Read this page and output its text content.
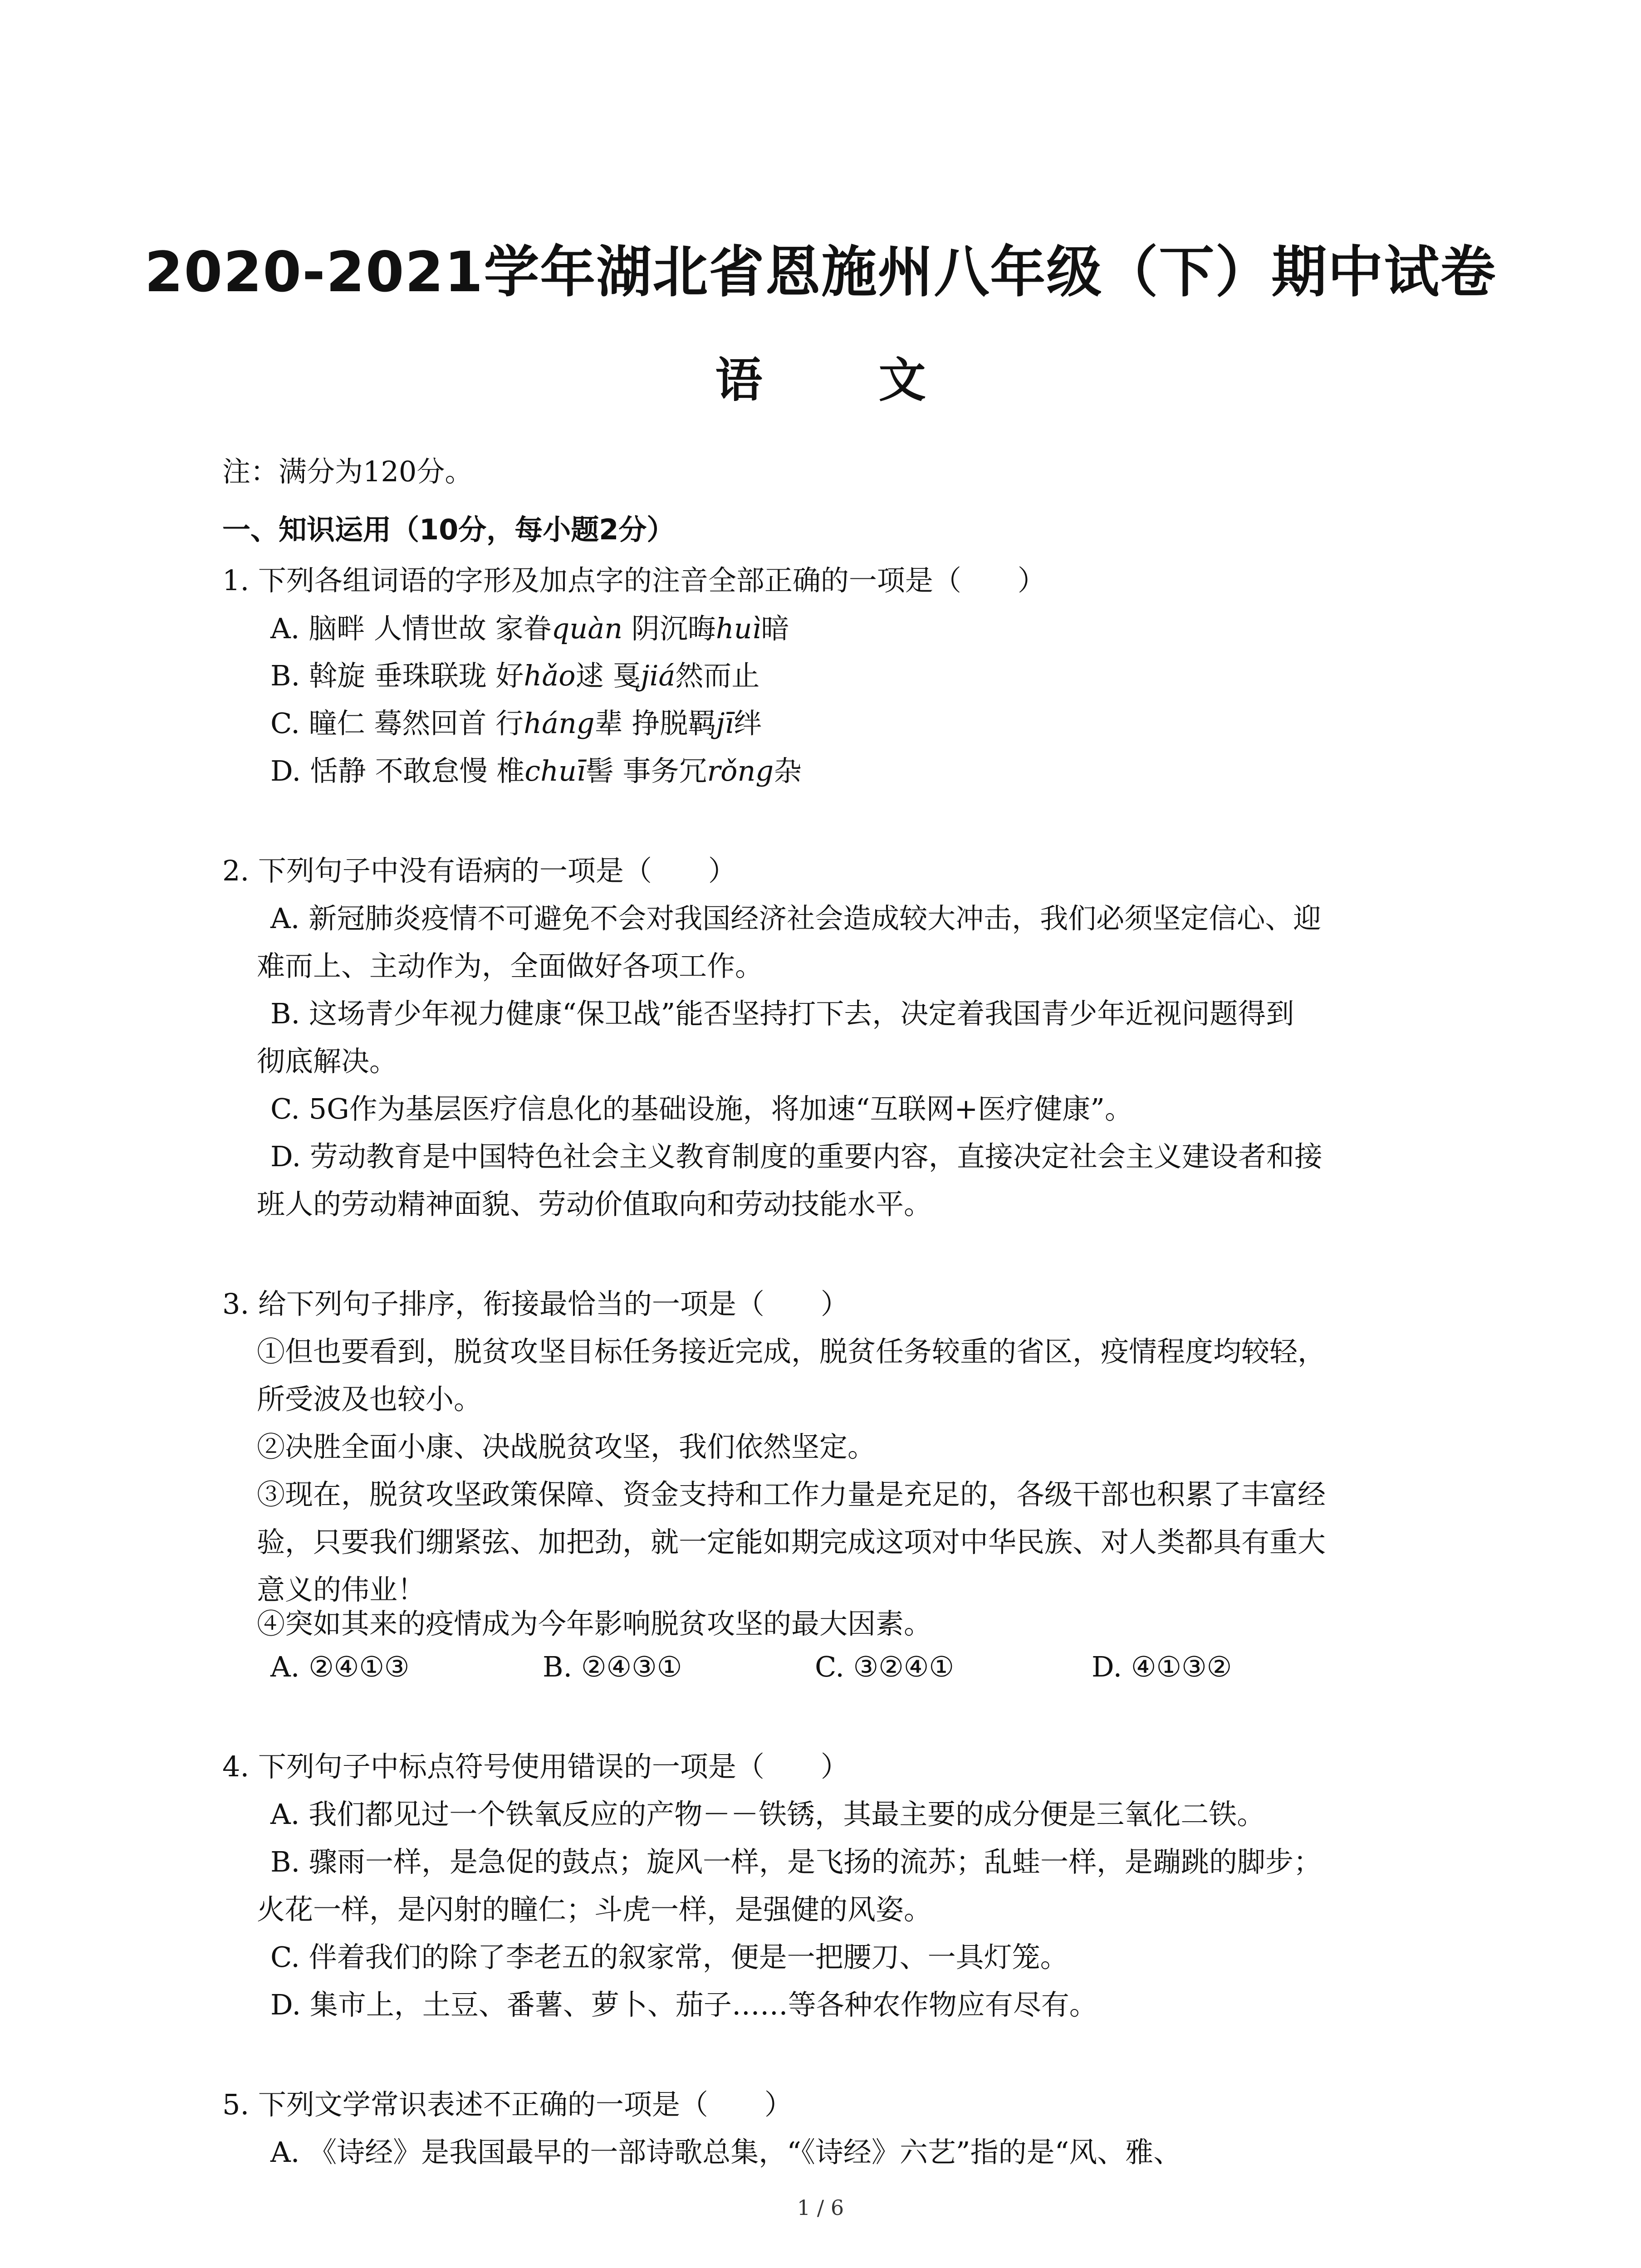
2020-2021学年湖北省恩施州八年级（下）期中试卷
语 文
注：满分为120分。
一、知识运用（10分，每小题2分）
1. 下列各组词语的字形及加点字的注音全部正确的一项是（　　）
A. 脑畔 人情世故 家眷quàn 阴沉晦huì暗
B. 斡旋 垂珠联珑 好hǎo逑 戛jiá然而止
C. 瞳仁 蓦然回首 行háng辈 挣脱羁jī绊
D. 恬静 不敢怠慢 椎chuī髻 事务冗rǒng杂
2. 下列句子中没有语病的一项是（　　）
A. 新冠肺炎疫情不可避免不会对我国经济社会造成较大冲击，我们必须坚定信心、迎
难而上、主动作为，全面做好各项工作。
B. 这场青少年视力健康“保卫战”能否坚持打下去，决定着我国青少年近视问题得到
彻底解决。
C. 5G作为基层医疗信息化的基础设施，将加速“互联网+医疗健康”。
D. 劳动教育是中国特色社会主义教育制度的重要内容，直接决定社会主义建设者和接
班人的劳动精神面貌、劳动价值取向和劳动技能水平。
3. 给下列句子排序，衔接最恰当的一项是（　　）
①但也要看到，脱贫攻坚目标任务接近完成，脱贫任务较重的省区，疫情程度均较轻，
所受波及也较小。
②决胜全面小康、决战脱贫攻坚，我们依然坚定。
③现在，脱贫攻坚政策保障、资金支持和工作力量是充足的，各级干部也积累了丰富经
验，只要我们绷紧弦、加把劲，就一定能如期完成这项对中华民族、对人类都具有重大
意义的伟业！
④突如其来的疫情成为今年影响脱贫攻坚的最大因素。
A. ②④①③	B. ②④③①	C. ③②④①	D. ④①③②
4. 下列句子中标点符号使用错误的一项是（　　）
A. 我们都见过一个铁氧反应的产物－－铁锈，其最主要的成分便是三氧化二铁。
B. 骤雨一样，是急促的鼓点；旋风一样，是飞扬的流苏；乱蛙一样，是蹦跳的脚步；
火花一样，是闪射的瞳仁；斗虎一样，是强健的风姿。
C. 伴着我们的除了李老五的叙家常，便是一把腰刀、一具灯笼。
D. 集市上，土豆、番薯、萝卜、茄子……等各种农作物应有尽有。
5. 下列文学常识表述不正确的一项是（　　）
A. 《诗经》是我国最早的一部诗歌总集，“《诗经》六艺”指的是“风、雅、
1 / 6
